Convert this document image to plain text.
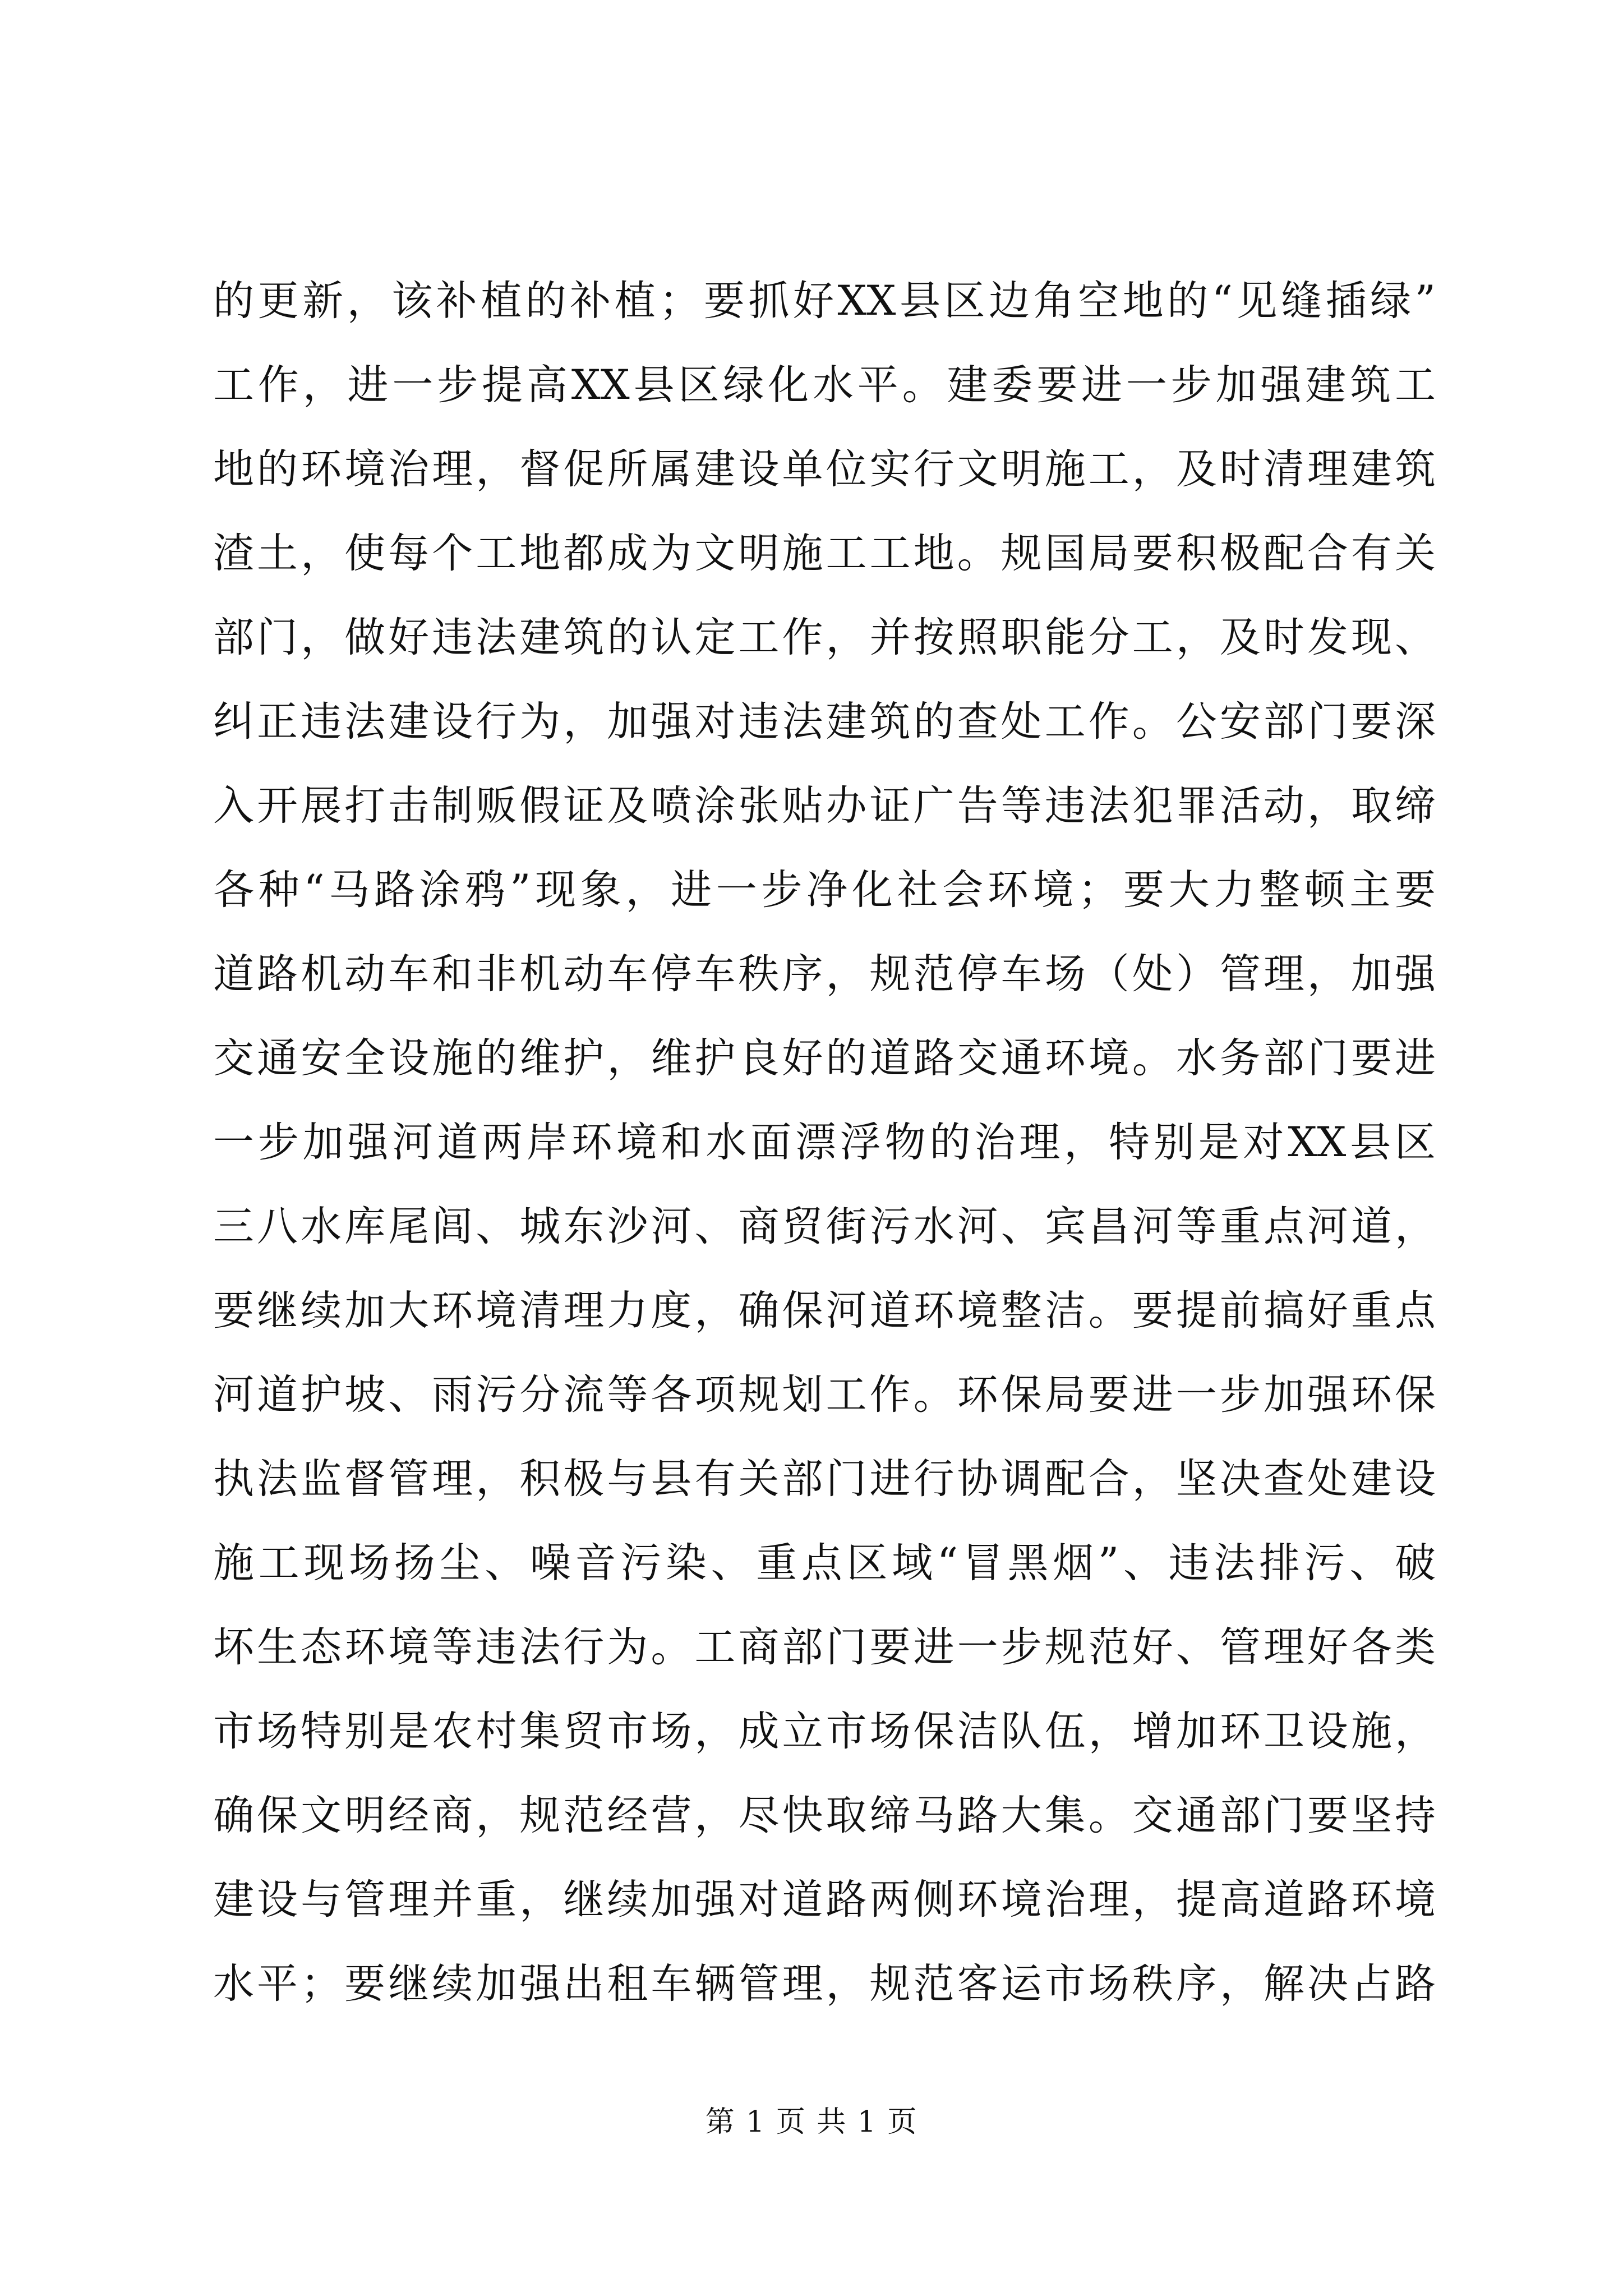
的更新，该补植的补植；要抓好XX县区边角空地的“见缝插绿”
工作，进一步提高XX县区绿化水平。建委要进一步加强建筑工
地的环境治理，督促所属建设单位实行文明施工，及时清理建筑
渣土，使每个工地都成为文明施工工地。规国局要积极配合有关
部门，做好违法建筑的认定工作，并按照职能分工，及时发现、
纠正违法建设行为，加强对违法建筑的查处工作。公安部门要深
入开展打击制贩假证及喷涂张贴办证广告等违法犯罪活动，取缔
各种“马路涂鸦”现象，进一步净化社会环境；要大力整顿主要
道路机动车和非机动车停车秩序，规范停车场（处）管理，加强
交通安全设施的维护，维护良好的道路交通环境。水务部门要进
一步加强河道两岸环境和水面漂浮物的治理，特别是对XX县区
三八水库尾闾、城东沙河、商贸街污水河、宾昌河等重点河道，
要继续加大环境清理力度，确保河道环境整洁。要提前搞好重点
河道护坡、雨污分流等各项规划工作。环保局要进一步加强环保
执法监督管理，积极与县有关部门进行协调配合，坚决查处建设
施工现场扬尘、噪音污染、重点区域“冒黑烟”、违法排污、破
坏生态环境等违法行为。工商部门要进一步规范好、管理好各类
市场特别是农村集贸市场，成立市场保洁队伍，增加环卫设施，
确保文明经商，规范经营，尽快取缔马路大集。交通部门要坚持
建设与管理并重，继续加强对道路两侧环境治理，提高道路环境
水平；要继续加强出租车辆管理，规范客运市场秩序，解决占路
第 1 页 共 1 页
